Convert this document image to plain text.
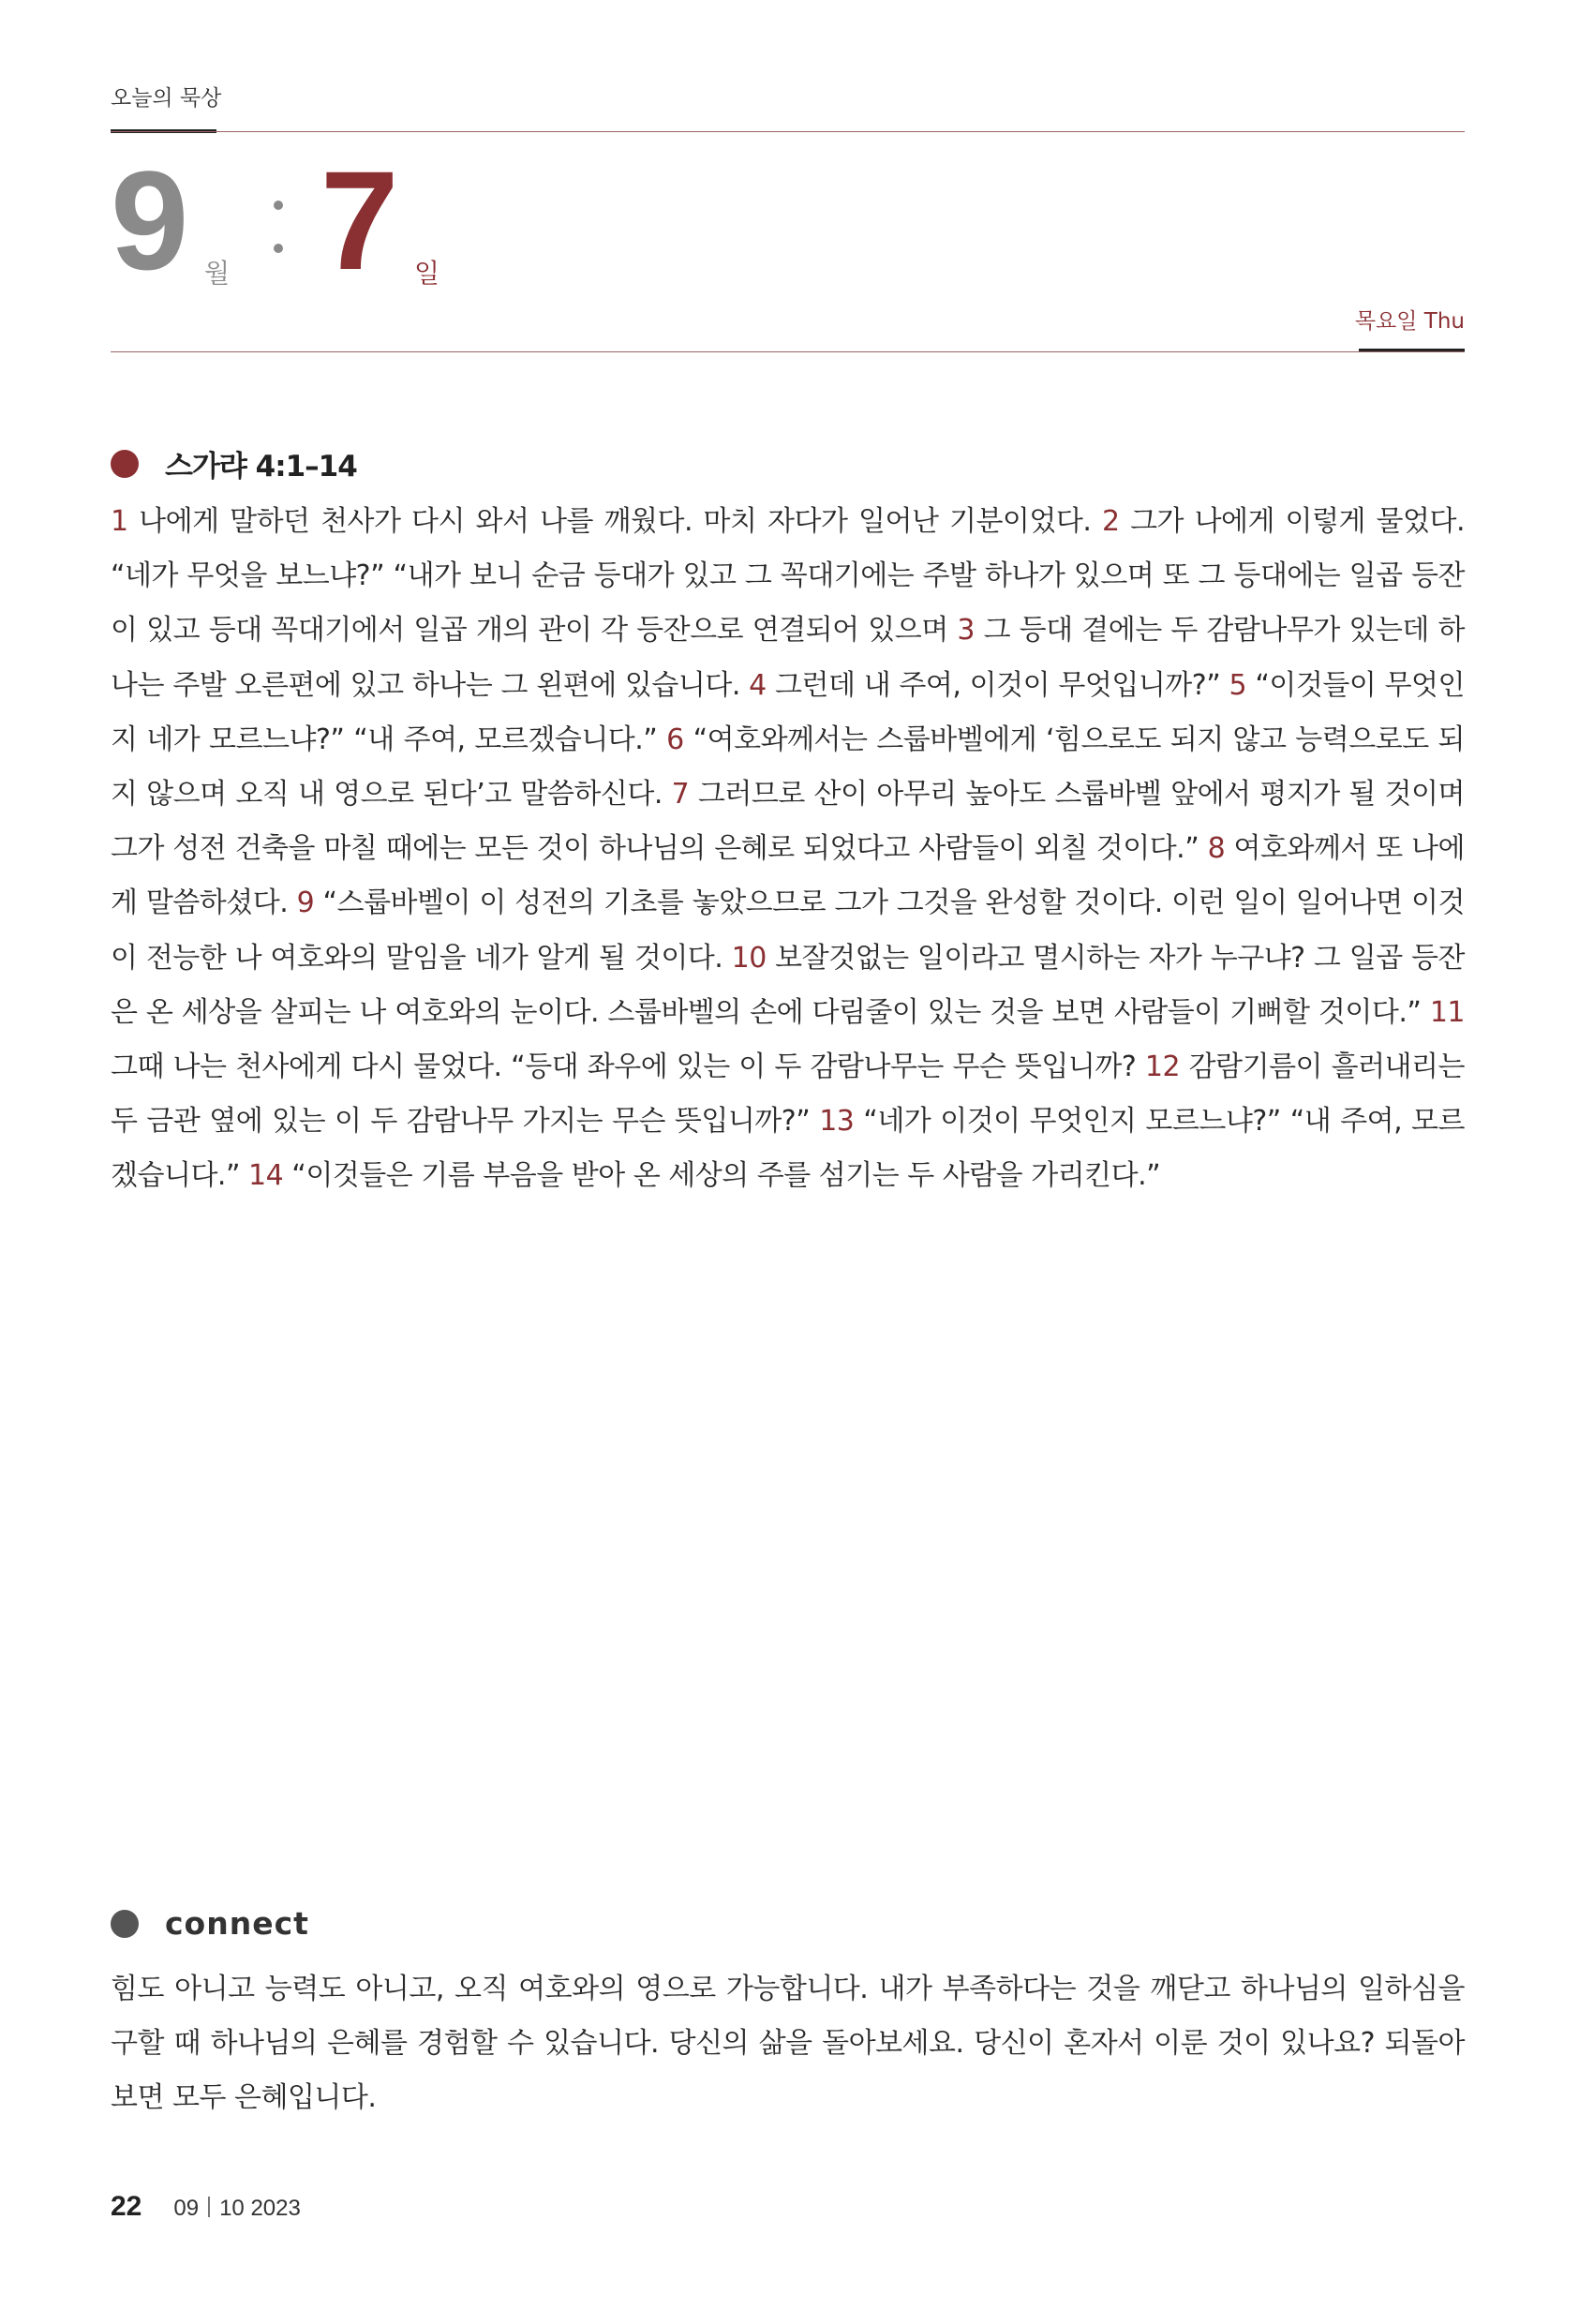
오늘의 묵상
9 월 7 일
목요일 Thu
스가랴 4:1–14
1 나에게 말하던 천사가 다시 와서 나를 깨웠다. 마치 자다가 일어난 기분이었다. 2 그가 나에게 이렇게 물었다. “네가 무엇을 보느냐?” “내가 보니 순금 등대가 있고 그 꼭대기에는 주발 하나가 있으며 또 그 등대에는 일곱 등잔이 있고 등대 꼭대기에서 일곱 개의 관이 각 등잔으로 연결되어 있으며 3 그 등대 곁에는 두 감람나무가 있는데 하나는 주발 오른편에 있고 하나는 그 왼편에 있습니다. 4 그런데 내 주여, 이것이 무엇입니까?” 5 “이것들이 무엇인지 네가 모르느냐?” “내 주여, 모르겠습니다.” 6 “여호와께서는 스룹바벨에게 ‘힘으로도 되지 않고 능력으로도 되지 않으며 오직 내 영으로 된다’고 말씀하신다. 7 그러므로 산이 아무리 높아도 스룹바벨 앞에서 평지가 될 것이며 그가 성전 건축을 마칠 때에는 모든 것이 하나님의 은혜로 되었다고 사람들이 외칠 것이다.” 8 여호와께서 또 나에게 말씀하셨다. 9 “스룹바벨이 이 성전의 기초를 놓았으므로 그가 그것을 완성할 것이다. 이런 일이 일어나면 이것이 전능한 나 여호와의 말임을 네가 알게 될 것이다. 10 보잘것없는 일이라고 멸시하는 자가 누구냐? 그 일곱 등잔은 온 세상을 살피는 나 여호와의 눈이다. 스룹바벨의 손에 다림줄이 있는 것을 보면 사람들이 기뻐할 것이다.” 11 그때 나는 천사에게 다시 물었다. “등대 좌우에 있는 이 두 감람나무는 무슨 뜻입니까? 12 감람기름이 흘러내리는 두 금관 옆에 있는 이 두 감람나무 가지는 무슨 뜻입니까?” 13 “네가 이것이 무엇인지 모르느냐?” “내 주여, 모르겠습니다.” 14 “이것들은 기름 부음을 받아 온 세상의 주를 섬기는 두 사람을 가리킨다.”
connect
힘도 아니고 능력도 아니고, 오직 여호와의 영으로 가능합니다. 내가 부족하다는 것을 깨닫고 하나님의 일하심을 구할 때 하나님의 은혜를 경험할 수 있습니다. 당신의 삶을 돌아보세요. 당신이 혼자서 이룬 것이 있나요? 되돌아보면 모두 은혜입니다.
22 09 10 2023
